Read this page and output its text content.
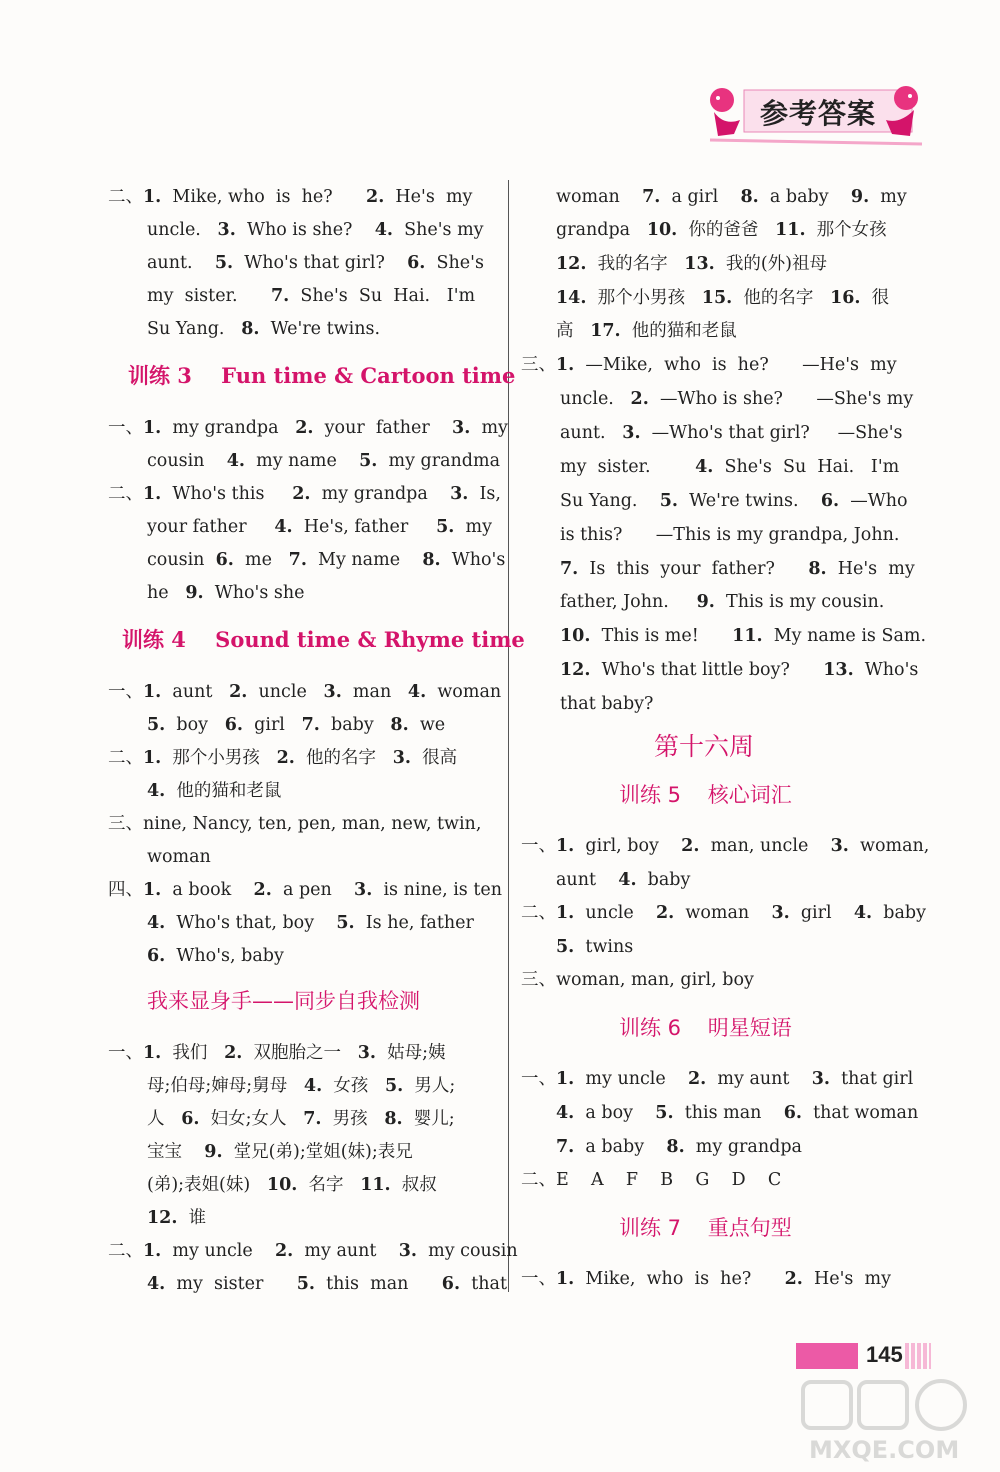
参考答案
二、1.  Mike, who  is  he?      2.  He's  my
uncle.   3.  Who is she?    4.  She's my
aunt.    5.  Who's that girl?    6.  She's
my  sister.      7.  She's  Su  Hai.   I'm
Su Yang.   8.  We're twins.
训练 3    Fun time & Cartoon time
一、1.  my grandpa   2.  your  father    3.  my
cousin    4.  my name    5.  my grandma
二、1.  Who's this     2.  my grandpa    3.  Is,
your father     4.  He's, father     5.  my
cousin  6.  me   7.  My name    8.  Who's
he   9.  Who's she
训练 4    Sound time & Rhyme time
一、1.  aunt   2.  uncle   3.  man   4.  woman
5.  boy   6.  girl   7.  baby   8.  we
二、1.  那个小男孩   2.  他的名字   3.  很高
4.  他的猫和老鼠
三、nine, Nancy, ten, pen, man, new, twin,
woman
四、1.  a book    2.  a pen    3.  is nine, is ten
4.  Who's that, boy    5.  Is he, father
6.  Who's, baby
我来显身手——同步自我检测
一、1.  我们   2.  双胞胎之一   3.  姑母;姨
母;伯母;婶母;舅母   4.  女孩   5.  男人;
人   6.  妇女;女人   7.  男孩   8.  婴儿;
宝宝    9.  堂兄(弟);堂姐(妹);表兄
(弟);表姐(妹)   10.  名字   11.  叔叔
12.  谁
二、1.  my uncle    2.  my aunt    3.  my cousin
4.  my  sister      5.  this  man      6.  that
woman    7.  a girl    8.  a baby    9.  my
grandpa   10.  你的爸爸   11.  那个女孩
12.  我的名字   13.  我的(外)祖母
14.  那个小男孩   15.  他的名字   16.  很
高   17.  他的猫和老鼠
三、1.  —Mike,  who  is  he?      —He's  my
uncle.   2.  —Who is she?      —She's my
aunt.   3.  —Who's that girl?     —She's
my  sister.        4.  She's  Su  Hai.   I'm
Su Yang.    5.  We're twins.    6.  —Who
is this?      —This is my grandpa, John.
7.  Is  this  your  father?      8.  He's  my
father, John.     9.  This is my cousin.
10.  This is me!      11.  My name is Sam.
12.  Who's that little boy?      13.  Who's
that baby?
第十六周
训练 5    核心词汇
一、1.  girl, boy    2.  man, uncle    3.  woman,
aunt    4.  baby
二、1.  uncle    2.  woman    3.  girl    4.  baby
5.  twins
三、woman, man, girl, boy
训练 6    明星短语
一、1.  my uncle    2.  my aunt    3.  that girl
4.  a boy    5.  this man    6.  that woman
7.  a baby    8.  my grandpa
二、E    A    F    B    G    D    C
训练 7    重点句型
一、1.  Mike,  who  is  he?      2.  He's  my
145
MXQE.COM
